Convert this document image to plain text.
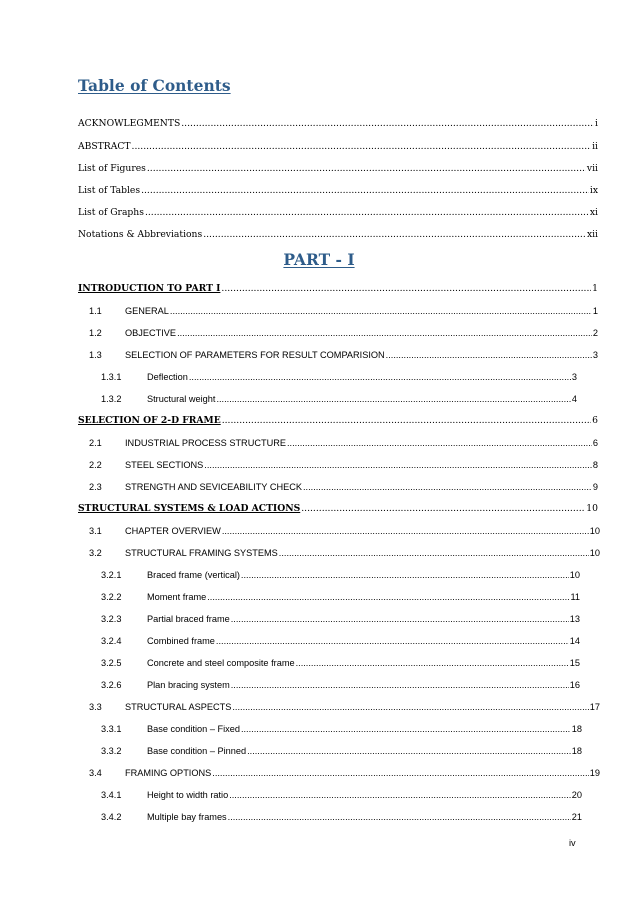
Table of Contents
ACKNOWLEGMENTS .....	i
ABSTRACT .....	ii
List of Figures .....	vii
List of Tables .....	ix
List of Graphs .....	xi
Notations & Abbreviations .....	xii
PART - I
INTRODUCTION TO PART I .....	1
1.1	GENERAL .....	1
1.2	OBJECTIVE .....	2
1.3	SELECTION OF PARAMETERS FOR RESULT COMPARISION .....	3
1.3.1	Deflection .....	3
1.3.2	Structural weight .....	4
SELECTION OF 2-D FRAME .....	6
2.1	INDUSTRIAL PROCESS STRUCTURE .....	6
2.2	STEEL SECTIONS .....	8
2.3	STRENGTH AND SEVICEABILITY CHECK .....	9
STRUCTURAL SYSTEMS & LOAD ACTIONS .....	10
3.1	CHAPTER OVERVIEW .....	10
3.2	STRUCTURAL FRAMING SYSTEMS .....	10
3.2.1	Braced frame (vertical) .....	10
3.2.2	Moment frame .....	11
3.2.3	Partial braced frame .....	13
3.2.4	Combined frame .....	14
3.2.5	Concrete and steel composite frame .....	15
3.2.6	Plan bracing system .....	16
3.3	STRUCTURAL ASPECTS .....	17
3.3.1	Base condition – Fixed .....	18
3.3.2	Base condition – Pinned .....	18
3.4	FRAMING OPTIONS .....	19
3.4.1	Height to width ratio .....	20
3.4.2	Multiple bay frames .....	21
iv
